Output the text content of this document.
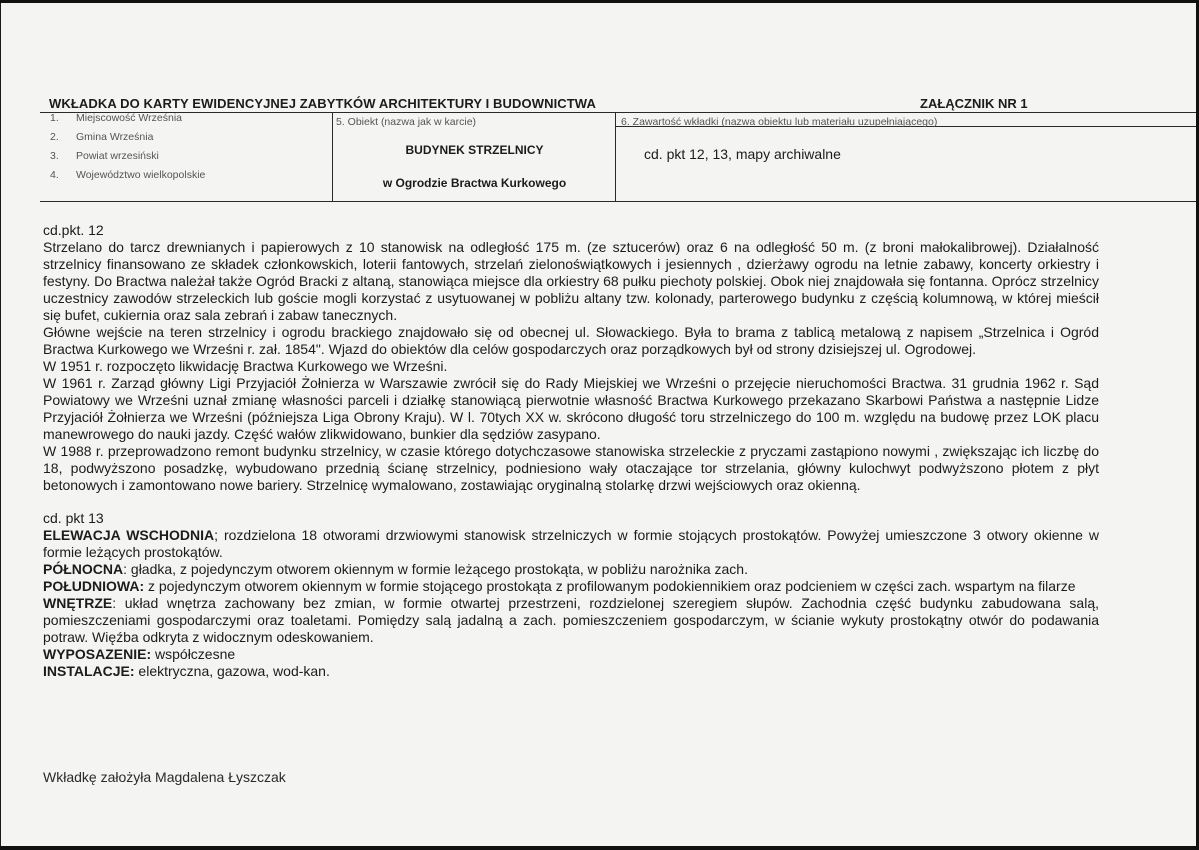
WKŁADKA DO KARTY EWIDENCYJNEJ ZABYTKÓW ARCHITEKTURY I BUDOWNICTWA	ZAŁĄCZNIK NR 1
1. Miejscowość Września
2. Gmina Września
3. Powiat wrzesiński
4. Województwo wielkopolskie
5. Obiekt (nazwa jak w karcie)
BUDYNEK STRZELNICY
w Ogrodzie Bractwa Kurkowego
6. Zawartość wkładki (nazwa obiektu lub materiału uzupełniającego)
cd. pkt 12, 13, mapy archiwalne
cd.pkt. 12
Strzelano do tarcz drewnianych i papierowych z 10 stanowisk na odległość 175 m. (ze sztucerów) oraz 6 na odległość 50 m. (z broni małokalibrowej). Działalność strzelnicy finansowano ze składek członkowskich, loterii fantowych, strzelań zielonoświątkowych i jesiennych , dzierżawy ogrodu na letnie zabawy, koncerty orkiestry i festyny. Do Bractwa należał także Ogród Bracki z altaną, stanowiąca miejsce dla orkiestry 68 pułku piechoty polskiej. Obok niej znajdowała się fontanna. Oprócz strzelnicy uczestnicy zawodów strzeleckich lub goście mogli korzystać z usytuowanej w pobliżu altany tzw. kolonady, parterowego budynku z częścią kolumnową, w której mieścił się bufet, cukiernia oraz sala zebrań i zabaw tanecznych.
Główne wejście na teren strzelnicy i ogrodu brackiego znajdowało się od obecnej ul. Słowackiego. Była to brama z tablicą metalową z napisem „Strzelnica i Ogród Bractwa Kurkowego we Wrześni r. zał. 1854". Wjazd do obiektów dla celów gospodarczych oraz porządkowych był od strony dzisiejszej ul. Ogrodowej.
W 1951 r. rozpoczęto likwidację Bractwa Kurkowego we Wrześni.
W 1961 r. Zarząd główny Ligi Przyjaciół Żołnierza w Warszawie zwrócił się do Rady Miejskiej we Wrześni o przejęcie nieruchomości Bractwa. 31 grudnia 1962 r. Sąd Powiatowy we Wrześni uznał zmianę własności parceli i działkę stanowiącą pierwotnie własność Bractwa Kurkowego przekazano Skarbowi Państwa a następnie Lidze Przyjaciół Żołnierza we Wrześni (późniejsza Liga Obrony Kraju). W l. 70tych XX w. skrócono długość toru strzelniczego do 100 m. względu na budowę przez LOK placu manewrowego do nauki jazdy. Część wałów zlikwidowano, bunkier dla sędziów zasypano.
W 1988 r. przeprowadzono remont budynku strzelnicy, w czasie którego dotychczasowe stanowiska strzeleckie z pryczami zastąpiono nowymi , zwiększając ich liczbę do 18, podwyższono posadzkę, wybudowano przednią ścianę strzelnicy, podniesiono wały otaczające tor strzelania, główny kulochwyt podwyższono płotem z płyt betonowych i zamontowano nowe bariery. Strzelnicę wymalowano, zostawiając oryginalną stolarkę drzwi wejściowych oraz okienną.
cd. pkt 13
ELEWACJA WSCHODNIA; rozdzielona 18 otworami drzwiowymi stanowisk strzelniczych w formie stojących prostokątów. Powyżej umieszczone 3 otwory okienne w formie leżących prostokątów.
PÓŁNOCNA: gładka, z pojedynczym otworem okiennym w formie leżącego prostokąta, w pobliżu narożnika zach.
POŁUDNIOWA: z pojedynczym otworem okiennym w formie stojącego prostokąta z profilowanym podokiennikiem oraz podcieniem w części zach. wspartym na filarze
WNĘTRZE: układ wnętrza zachowany bez zmian, w formie otwartej przestrzeni, rozdzielonej szeregiem słupów. Zachodnia część budynku zabudowana salą, pomieszczeniami gospodarczymi oraz toaletami. Pomiędzy salą jadalną a zach. pomieszczeniem gospodarczym, w ścianie wykuty prostokątny otwór do podawania potraw. Więźba odkryta z widocznym odeskowaniem.
WYPOSAZENIE: współczesne
INSTALACJE: elektryczna, gazowa, wod-kan.
Wkładkę założyła Magdalena Łyszczak
